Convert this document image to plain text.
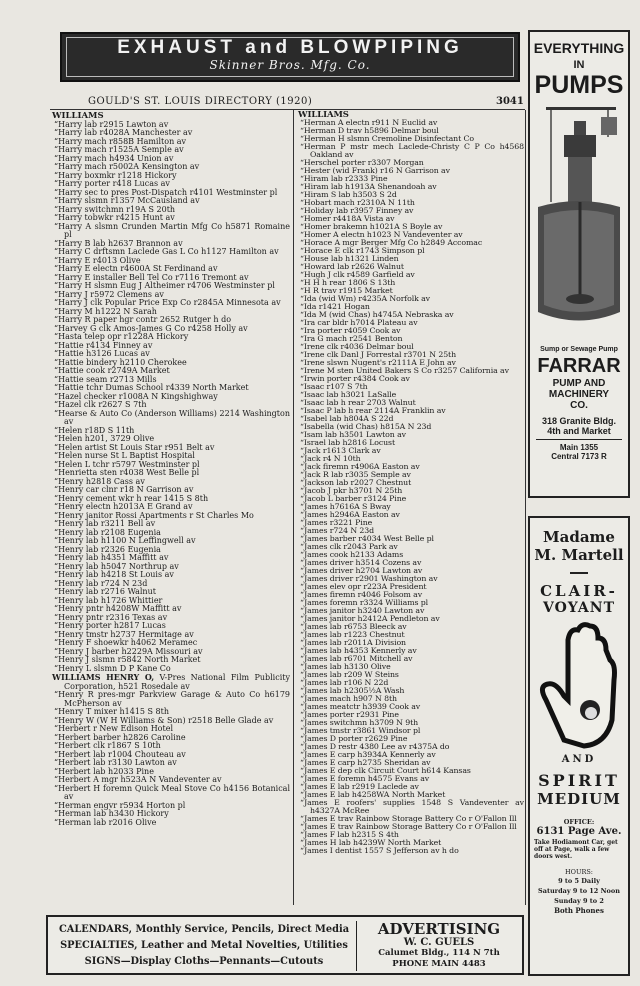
EXHAUST and BLOWPIPING
Skinner Bros. Mfg. Co.
GOULD'S ST. LOUIS DIRECTORY (1920)	3041
WILLIAMS
“ Harry lab r2915 Lawton av
“ Harry lab r4028A Manchester av
“ Harry mach r858B Hamilton av
“ Harry mach r1525A Semple av
“ Harry mach h4934 Union av
“ Harry mach r5002A Kensington av
“ Harry boxmkr r1218 Hickory
“ Harry porter r418 Lucas av
“ Harry sec to pres Post-Dispatch r4101 Westminster pl
“ Harry slsmn r1357 McCausland av
“ Harry switchmn r19A S 20th
“ Harry tobwkr r4215 Hunt av
“ Harry A slsmn Crunden Martin Mfg Co h5871 Romaine pl
“ Harry B lab h2637 Brannon av
“ Harry C drftsmn Laclede Gas L Co h1127 Hamilton av
“ Harry E r4013 Olive
“ Harry E electn r4600A St Ferdinand av
“ Harry E installer Bell Tel Co r7116 Tremont av
“ Harry H slsmn Eug J Altheimer r4706 Westminster pl
“ Harry J r5972 Clemens av
“ Harry J clk Popular Price Exp Co r2845A Minnesota av
“ Harry M h1222 N Sarah
“ Harry R paper hgr contr 2652 Rutger h do
“ Harvey G clk Amos-James G Co r4258 Holly av
“ Hasta telep opr r1228A Hickory
“ Hattie r4134 Finney av
“ Hattie h3126 Lucas av
“ Hattie bindery h2110 Cherokee
“ Hattie cook r2749A Market
“ Hattie seam r2713 Mills
“ Hattie tchr Dumas School r4339 North Market
“ Hazel checker r1008A N Kingshighway
“ Hazel clk r2627 S 7th
“ Hearse & Auto Co (Anderson Williams) 2214 Washington av
“ Helen r18D S 11th
“ Helen h201, 3729 Olive
“ Helen artist St Louis Star r951 Belt av
“ Helen nurse St L Baptist Hospital
“ Helen L tchr r5797 Westminster pl
“ Henrietta sten r4038 West Belle pl
“ Henry h2818 Cass av
“ Henry car clnr r18 N Garrison av
“ Henry cement wkr h rear 1415 S 8th
“ Henry electn h2013A E Grand av
“ Henry janitor Rossi Apartments r St Charles Mo
“ Henry lab r3211 Bell av
“ Henry lab r2108 Eugenia
“ Henry lab h1100 N Leffingwell av
“ Henry lab r2326 Eugenia
“ Henry lab h4351 Maffitt av
“ Henry lab h5047 Northrup av
“ Henry lab h4218 St Louis av
“ Henry lab r724 N 23d
“ Henry lab r2716 Walnut
“ Henry lab h1726 Whittier
“ Henry pntr h4208W Maffitt av
“ Henry pntr r2316 Texas av
“ Henry porter h2817 Lucas
“ Henry tmstr h2737 Hermitage av
“ Henry F shoewkr h4062 Meramec
“ Henry J barber h2229A Missouri av
“ Henry J slsmn r5842 North Market
“ Henry L slsmn D P Kane Co
WILLIAMS HENRY O, V-Pres National Film Publicity Corporation, h521 Rosedale av
“ Henry R pres-mgr Parkview Garage & Auto Co h6179 McPherson av
“ Henry T mixer h1415 S 8th
“ Henry W (W H Williams & Son) r2518 Belle Glade av
“ Herbert r New Edison Hotel
“ Herbert barber h2826 Caroline
“ Herbert clk r1867 S 10th
“ Herbert lab r1004 Chouteau av
“ Herbert lab r3130 Lawton av
“ Herbert lab h2033 Pine
“ Herbert A mgr h523A N Vandeventer av
“ Herbert H foremn Quick Meal Stove Co h4156 Botanical av
“ Herman engvr r5934 Horton pl
“ Herman lab h3430 Hickory
“ Herman lab r2016 Olive
WILLIAMS
“ Herman A electn r911 N Euclid av
“ Herman D trav h5896 Delmar boul
“ Herman H slsmn Cremoline Disinfectant Co
“ Herman P mstr mech Laclede-Christy C P Co h4568 Oakland av
“ Herschel porter r3307 Morgan
“ Hester (wid Frank) r16 N Garrison av
“ Hiram lab r2333 Pine
“ Hiram lab h1913A Shenandoah av
“ Hiram S lab h3503 S 2d
“ Hobart mach r2310A N 11th
“ Holiday lab r3957 Finney av
“ Homer r4418A Vista av
“ Homer brakemn h1021A S Boyle av
“ Homer A electn h1023 N Vandeventer av
“ Horace A mgr Berger Mfg Co h2849 Accomac
“ Horace E clk r1743 Simpson pl
“ House lab h1321 Linden
“ Howard lab r2626 Walnut
“ Hugh J clk r4589 Garfield av
“ H H h rear 1806 S 13th
“ H R trav r1915 Market
“ Ida (wid Wm) r4235A Norfolk av
“ Ida r1421 Hogan
“ Ida M (wid Chas) h4745A Nebraska av
“ Ira car bldr h7014 Plateau av
“ Ira porter r4059 Cook av
“ Ira G mach r2541 Benton
“ Irene clk r4036 Delmar boul
“ Irene clk Danl J Forrestal r3701 N 25th
“ Irene slswn Nugent's r2111A E John av
“ Irene M sten United Bakers S Co r3257 California av
“ Irwin porter r4384 Cook av
“ Isaac r107 S 7th
“ Isaac lab h3021 LaSalle
“ Isaac lab h rear 2703 Walnut
“ Isaac P lab h rear 2114A Franklin av
“ Isabel lab h804A S 22d
“ Isabella (wid Chas) h815A N 23d
“ Isam lab h3501 Lawton av
“ Israel lab h2816 Locust
“ Jack r1613 Clark av
“ Jack r4 N 10th
“ Jack firemn r4906A Easton av
“ Jack R lab r3035 Semple av
“ Jackson lab r2027 Chestnut
“ Jacob J pkr h3701 N 25th
“ Jacob L barber r3124 Pine
“ James h7616A S Bway
“ James h2946A Easton av
“ James r3221 Pine
“ James r724 N 23d
“ James barber r4034 West Belle pl
“ James clk r2043 Park av
“ James cook h2133 Adams
“ James driver h3514 Cozens av
“ James driver h2704 Lawton av
“ James driver r2901 Washington av
“ James elev opr r223A President
“ James firemn r4046 Folsom av
“ James foremn r3324 Williams pl
“ James janitor h3240 Lawton av
“ James janitor h2412A Pendleton av
“ James lab r6753 Bleeck av
“ James lab r1223 Chestnut
“ James lab r2011A Division
“ James lab h4353 Kennerly av
“ James lab r6701 Mitchell av
“ James lab h3130 Olive
“ James lab r209 W Steins
“ James lab r106 N 22d
“ James lab h2305½A Wash
“ James mach h907 N 8th
“ James meatctr h3939 Cook av
“ James porter r2931 Pine
“ James switchmn h3709 N 9th
“ James tmstr r3861 Windsor pl
“ James D porter r2629 Pine
“ James D restr 4380 Lee av r4375A do
“ James E carp h3934A Kennerly av
“ James E carp h2735 Sheridan av
“ James E dep clk Circuit Court h614 Kansas
“ James E foremn h4575 Evans av
“ James E lab r2919 Laclede av
“ James E lab h4258WA North Market
“ James E roofers' supplies 1548 S Vandeventer av h4327A McRee
“ James E trav Rainbow Storage Battery Co r O'Fallon Ill
“ James E trav Rainbow Storage Battery Co r O'Fallon Ill
“ James F lab h2315 S 4th
“ James H lab h4239W North Market
“ James I dentist 1557 S Jefferson av h do
EVERYTHING
IN
PUMPS
Sump or Sewage Pump
FARRAR
PUMP AND
MACHINERY
CO.
318 Granite Bldg.
4th and Market
Main 1355
Central 7173 R
Madame
M. Martell
CLAIR-
VOYANT
AND
SPIRIT
MEDIUM
OFFICE:
6131 Page Ave.
Take Hodiamont Car, get off at Page, walk a few doors west.
HOURS:
9 to 5 Daily
Saturday 9 to 12 Noon
Sunday 9 to 2
Both Phones
CALENDARS, Monthly Service, Pencils, Direct Media
SPECIALTIES, Leather and Metal Novelties, Utilities
SIGNS—Display Cloths—Pennants—Cutouts
ADVERTISING
W. C. GUELS
Calumet Bldg., 114 N 7th
PHONE MAIN 4483
